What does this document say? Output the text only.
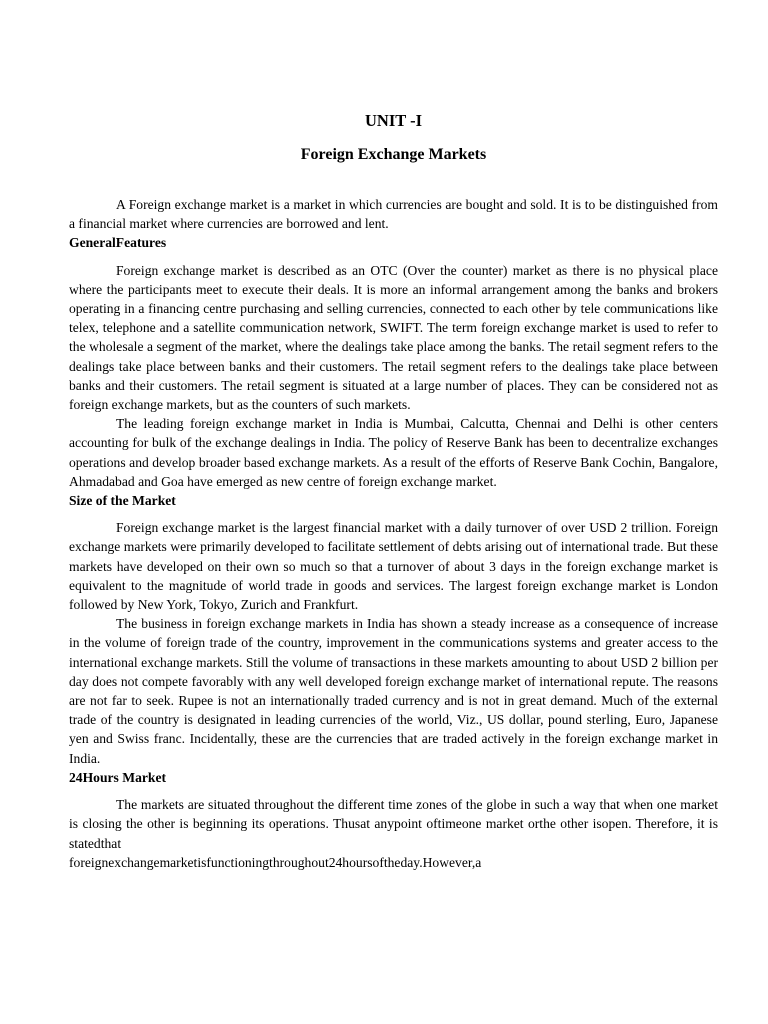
UNIT -I
Foreign Exchange Markets

A Foreign exchange market is a market in which currencies are bought and sold. It is to be distinguished from a financial market where currencies are borrowed and lent.

GeneralFeatures

Foreign exchange market is described as an OTC (Over the counter) market as there is no physical place where the participants meet to execute their deals. It is more an informal arrangement among the banks and brokers operating in a financing centre purchasing and selling currencies, connected to each other by tele communications like telex, telephone and a satellite communication network, SWIFT. The term foreign exchange market is used to refer to the wholesale a segment of the market, where the dealings take place among the banks. The retail segment refers to the dealings take place between banks and their customers. The retail segment refers to the dealings take place between banks and their customers. The retail segment is situated at a large number of places. They can be considered not as foreign exchange markets, but as the counters of such markets.

The leading foreign exchange market in India is Mumbai, Calcutta, Chennai and Delhi is other centers accounting for bulk of the exchange dealings in India. The policy of Reserve Bank has been to decentralize exchanges operations and develop broader based exchange markets. As a result of the efforts of Reserve Bank Cochin, Bangalore, Ahmadabad and Goa have emerged as new centre of foreign exchange market.

Size of the Market

Foreign exchange market is the largest financial market with a daily turnover of over USD 2 trillion. Foreign exchange markets were primarily developed to facilitate settlement of debts arising out of international trade. But these markets have developed on their own so much so that a turnover of about 3 days in the foreign exchange market is equivalent to the magnitude of world trade in goods and services. The largest foreign exchange market is London followed by New York, Tokyo, Zurich and Frankfurt.

The business in foreign exchange markets in India has shown a steady increase as a consequence of increase in the volume of foreign trade of the country, improvement in the communications systems and greater access to the international exchange markets. Still the volume of transactions in these markets amounting to about USD 2 billion per day does not compete favorably with any well developed foreign exchange market of international repute. The reasons are not far to seek. Rupee is not an internationally traded currency and is not in great demand. Much of the external trade of the country is designated in leading currencies of the world, Viz., US dollar, pound sterling, Euro, Japanese yen and Swiss franc. Incidentally, these are the currencies that are traded actively in the foreign exchange market in India.

24Hours Market

The markets are situated throughout the different time zones of the globe in such a way that when one market is closing the other is beginning its operations. Thusat anypoint oftimeone market orthe other isopen. Therefore, it is statedthat

foreignexchangemarketisfunctioningthroughout24hoursoftheday.However,a
